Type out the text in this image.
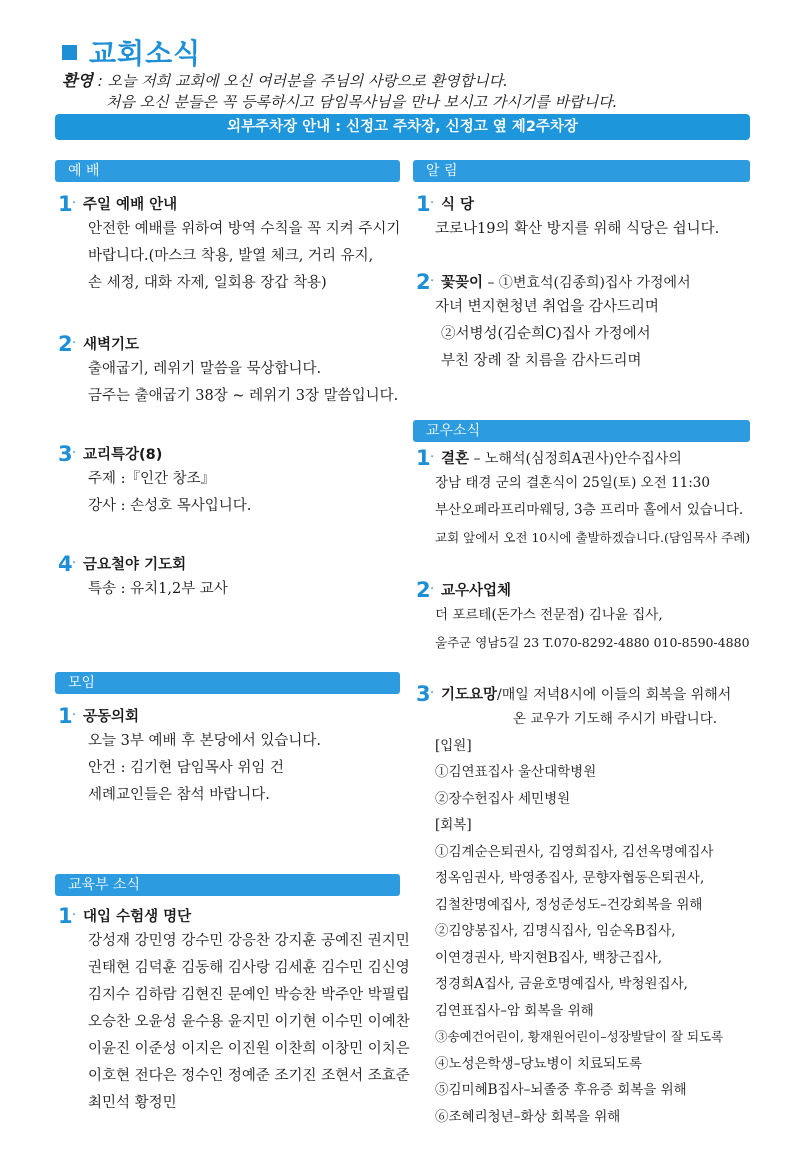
교회소식
환영 : 오늘 저희 교회에 오신 여러분을 주님의 사랑으로 환영합니다.
처음 오신 분들은 꼭 등록하시고 담임목사님을 만나 보시고 가시기를 바랍니다.
외부주차장 안내 : 신정고 주차장, 신정고 옆 제2주차장
예 배
1 · 주일 예배 안내
안전한 예배를 위하여 방역 수칙을 꼭 지켜 주시기
바랍니다.(마스크 착용, 발열 체크, 거리 유지,
손 세정, 대화 자제, 일회용 장갑 착용)
2 · 새벽기도
출애굽기, 레위기 말씀을 묵상합니다.
금주는 출애굽기 38장 ~ 레위기 3장 말씀입니다.
3 · 교리특강(8)
주제 :『인간 창조』
강사 : 손성호 목사입니다.
4 · 금요철야 기도회
특송 : 유치1,2부 교사
모임
1 · 공동의회
오늘 3부 예배 후 본당에서 있습니다.
안건 : 김기현 담임목사 위임 건
세례교인들은 참석 바랍니다.
교육부 소식
1 · 대입 수험생 명단
강성재 강민영 강수민 강응찬 강지훈 공예진 권지민
권태현 김덕훈 김동해 김사랑 김세훈 김수민 김신영
김지수 김하람 김현진 문예인 박승찬 박주안 박필립
오승찬 오윤성 윤수용 윤지민 이기현 이수민 이예찬
이윤진 이준성 이지은 이진원 이찬희 이창민 이치은
이호현 전다은 정수인 정예준 조기진 조현서 조효준
최민석 황정민
알 림
1 · 식 당
코로나19의 확산 방지를 위해 식당은 쉽니다.
2 · 꽃꽂이 – ①변효석(김종희)집사 가정에서
자녀 변지현청년 취업을 감사드리며
②서병성(김순희C)집사 가정에서
부친 장례 잘 치름을 감사드리며
교우소식
1 · 결혼 – 노해석(심정희A권사)안수집사의
장남 태경 군의 결혼식이 25일(토) 오전 11:30
부산오페라프리마웨딩, 3층 프리마 홀에서 있습니다.
교회 앞에서 오전 10시에 출발하겠습니다.(담임목사 주례)
2 · 교우사업체
더 포르테(돈가스 전문점) 김나윤 집사,
울주군 영남5길 23 T.070-8292-4880 010-8590-4880
3 · 기도요망/매일 저녁8시에 이들의 회복을 위해서
온 교우가 기도해 주시기 바랍니다.
[입원]
①김연표집사 울산대학병원
②장수헌집사 세민병원
[회복]
①김계순은퇴권사, 김영희집사, 김선옥명예집사
정옥임권사, 박영종집사, 문향자협동은퇴권사,
김철찬명예집사, 정성준성도–건강회복을 위해
②김양봉집사, 김명식집사, 임순옥B집사,
이연경권사, 박지현B집사, 백창근집사,
정경희A집사, 금윤호명예집사, 박청원집사,
김연표집사–암 회복을 위해
③송예건어린이, 황재원어린이–성장발달이 잘 되도록
④노성은학생–당뇨병이 치료되도록
⑤김미혜B집사–뇌졸중 후유증 회복을 위해
⑥조혜리청년–화상 회복을 위해
